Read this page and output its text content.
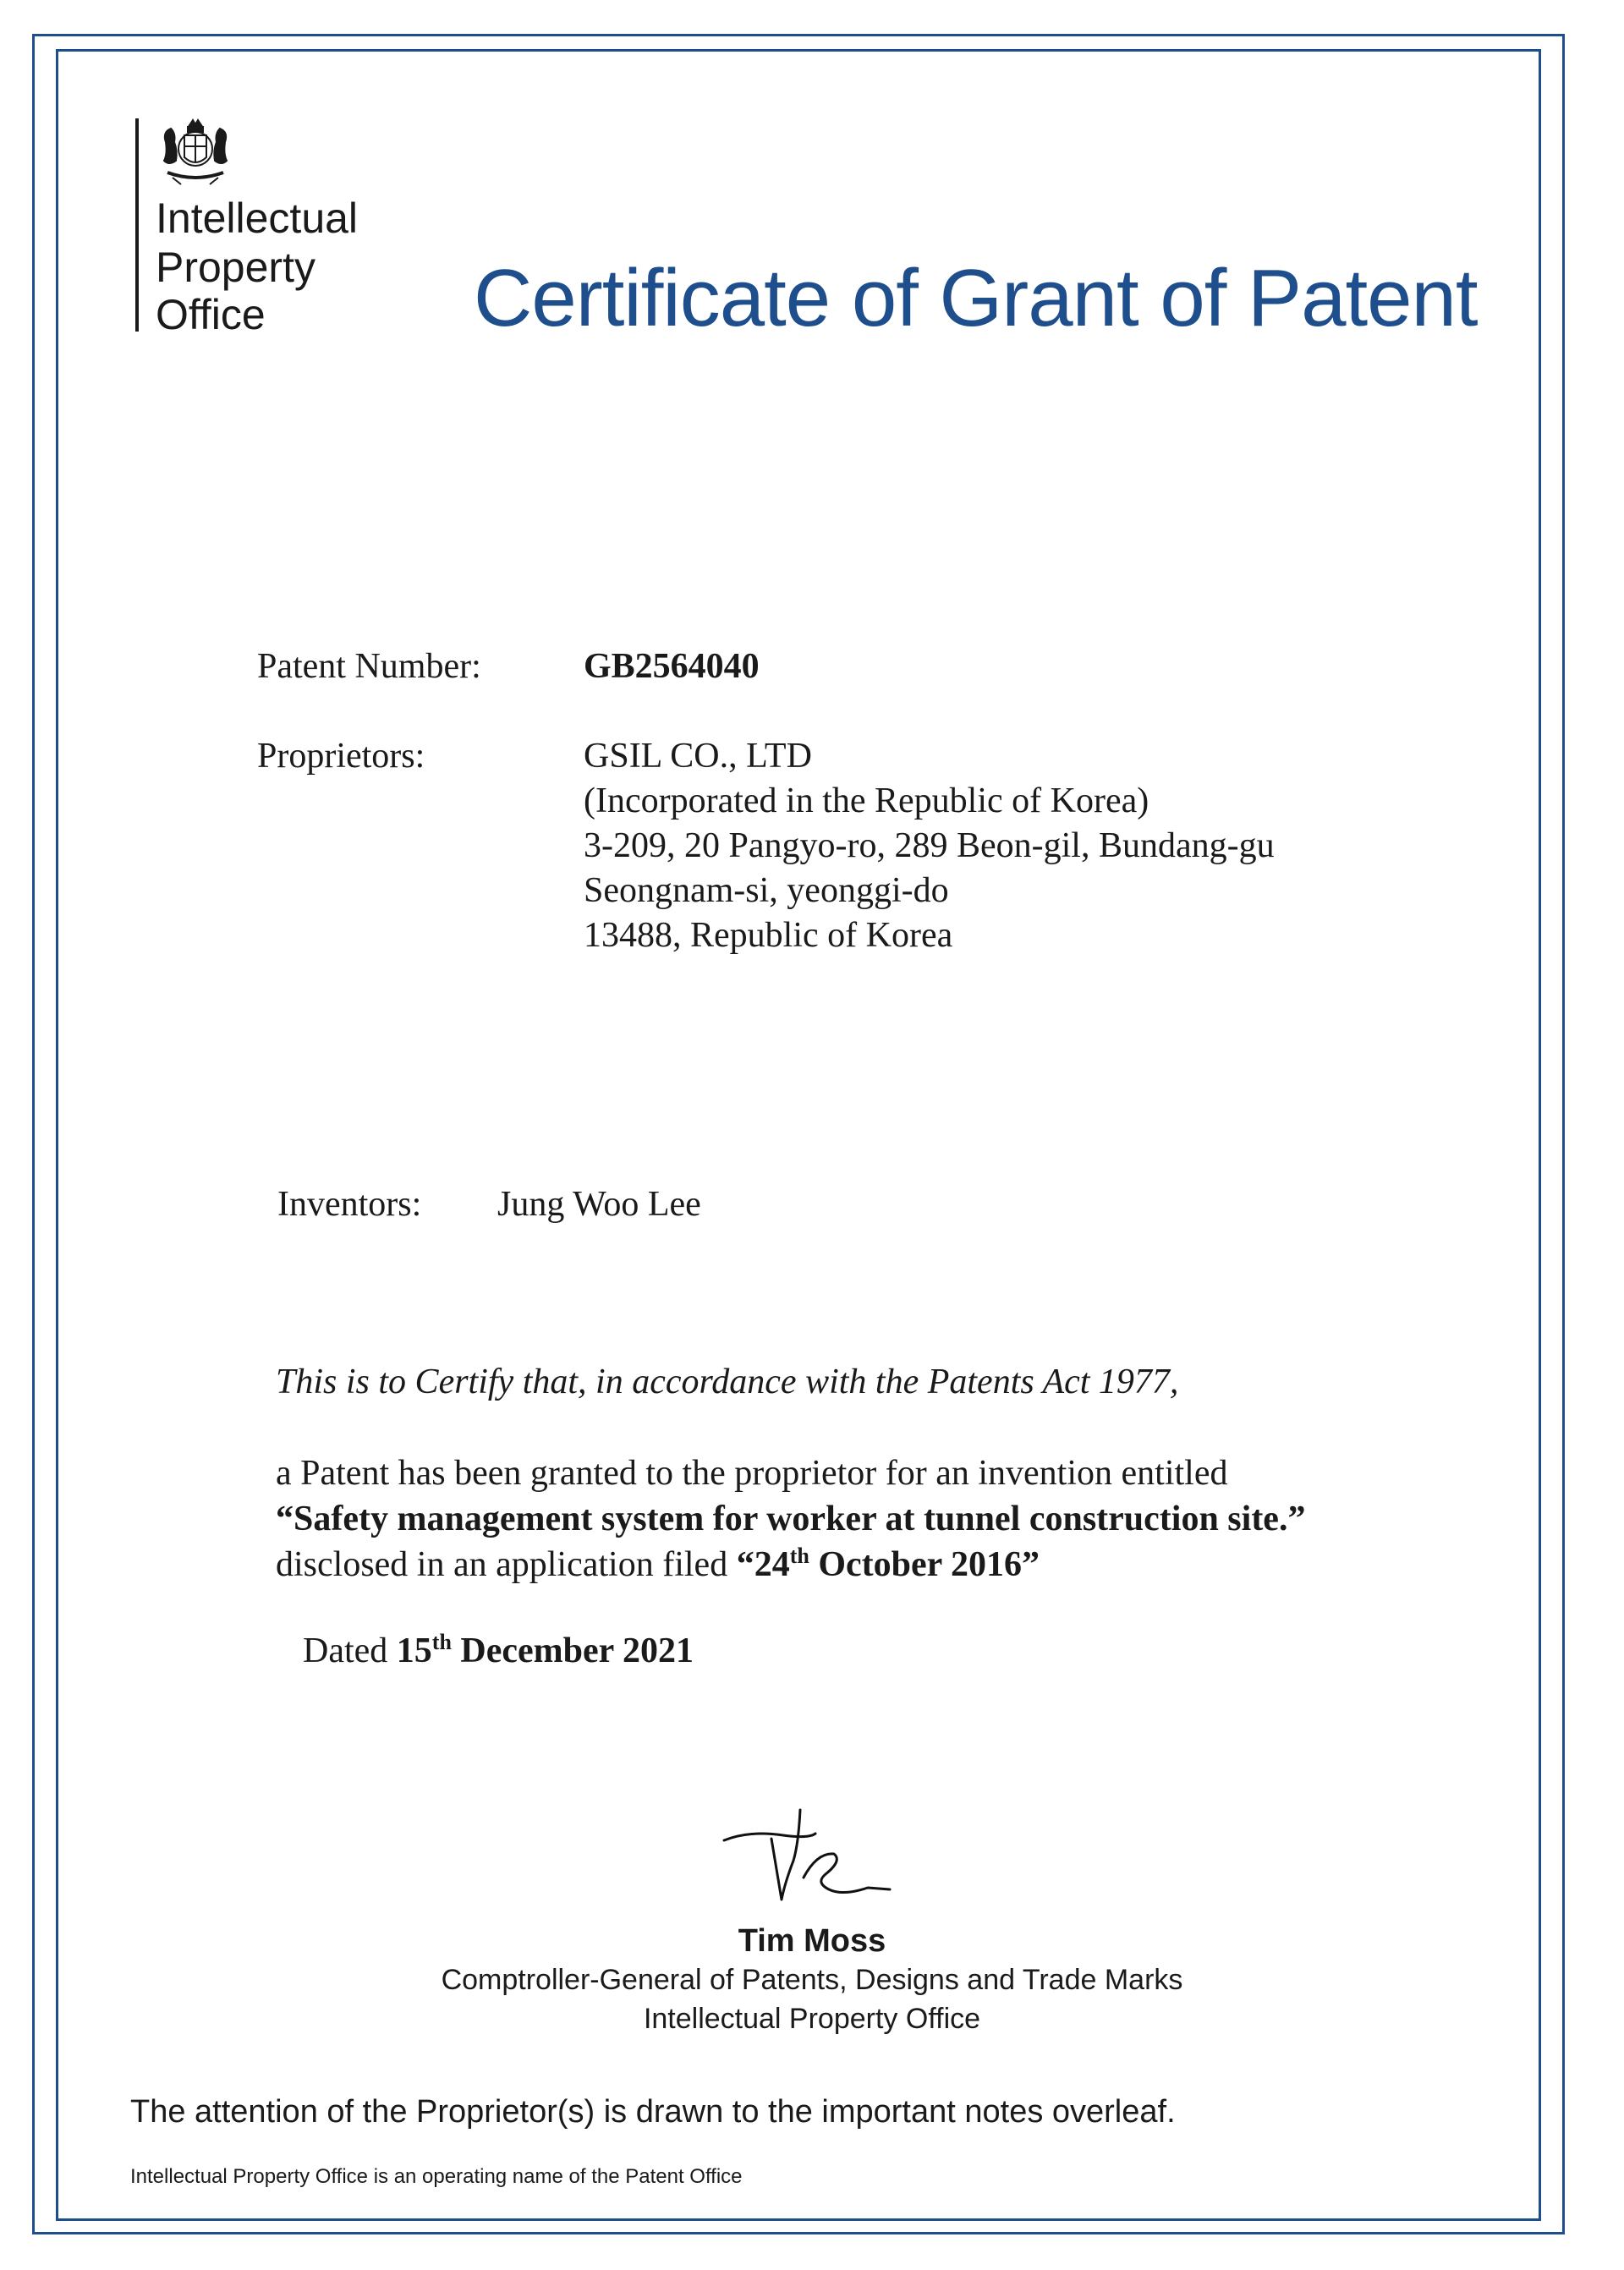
Intellectual
Property
Office	Certificate of Grant of Patent
Patent Number:	GB2564040
Proprietors:	GSIL CO., LTD
(Incorporated in the Republic of Korea)
3-209, 20 Pangyo-ro, 289 Beon-gil, Bundang-gu
Seongnam-si, yeonggi-do
13488, Republic of Korea
Inventors: Jung Woo Lee
This is to Certify that, in accordance with the Patents Act 1977,
a Patent has been granted to the proprietor for an invention entitled
“Safety management system for worker at tunnel construction site.”
disclosed in an application filed “24th October 2016”
Dated 15th December 2021
Tim Moss
Comptroller-General of Patents, Designs and Trade Marks
Intellectual Property Office
The attention of the Proprietor(s) is drawn to the important notes overleaf.
Intellectual Property Office is an operating name of the Patent Office
